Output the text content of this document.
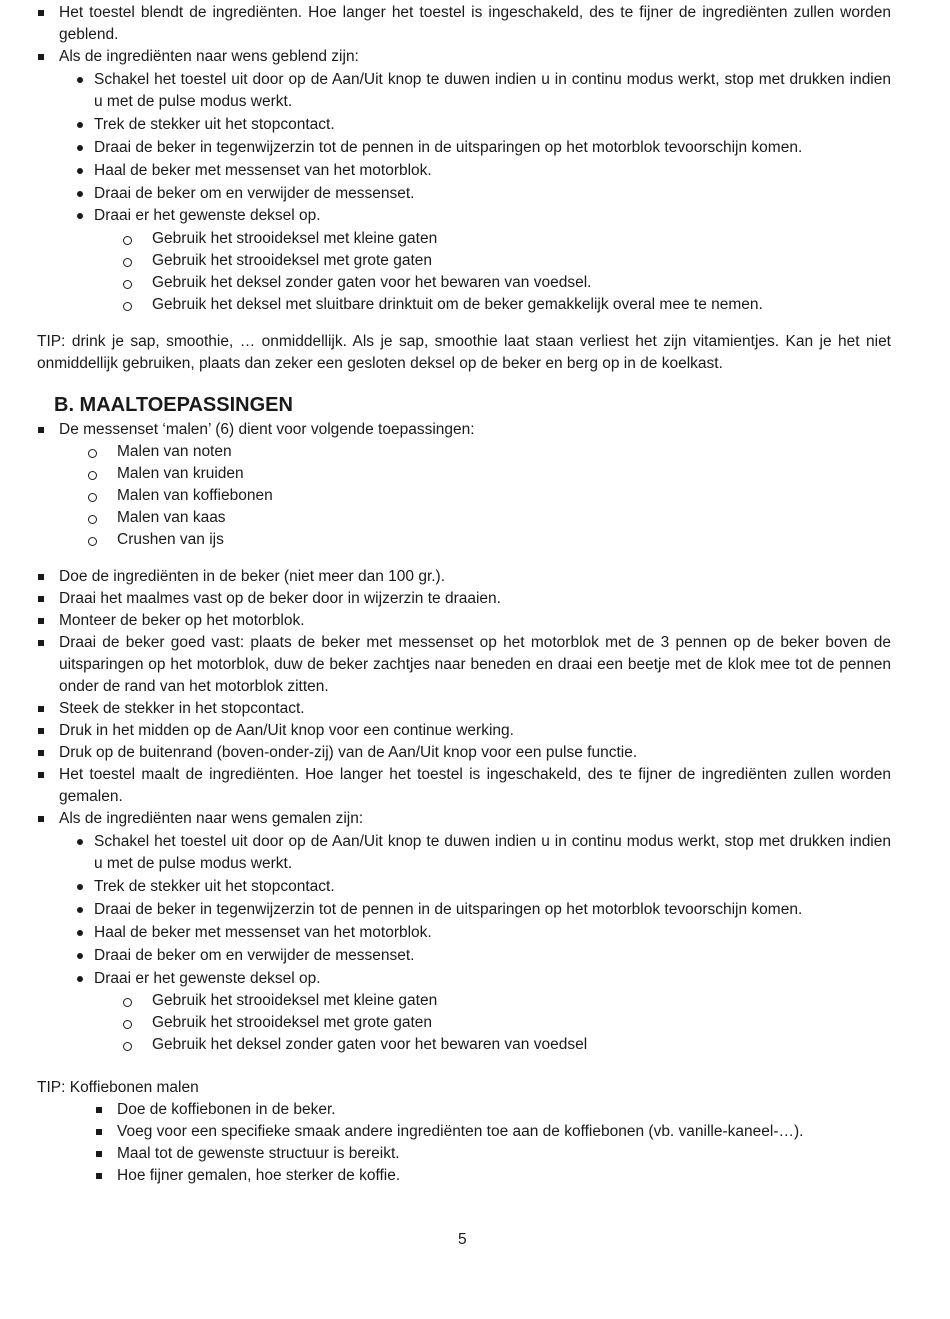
Het toestel blendt de ingrediënten. Hoe langer het toestel is ingeschakeld, des te fijner de ingrediënten zullen worden geblend.
Als de ingrediënten naar wens geblend zijn:
Schakel het toestel uit door op de Aan/Uit knop te duwen indien u in continu modus werkt, stop met drukken indien u met de pulse modus werkt.
Trek de stekker uit het stopcontact.
Draai de beker in tegenwijzerzin tot de pennen in de uitsparingen op het motorblok tevoorschijn komen.
Haal de beker met messenset van het motorblok.
Draai de beker om en verwijder de messenset.
Draai er het gewenste deksel op.
Gebruik het strooideksel met kleine gaten
Gebruik het strooideksel met grote gaten
Gebruik het deksel zonder gaten voor het bewaren van voedsel.
Gebruik het deksel met sluitbare drinktuit om de beker gemakkelijk overal mee te nemen.
TIP: drink je sap, smoothie, … onmiddellijk. Als je sap, smoothie laat staan verliest het zijn vitamientjes. Kan je het niet onmiddellijk gebruiken, plaats dan zeker een gesloten deksel op de beker en berg op in de koelkast.
B. MAALTOEPASSINGEN
De messenset ‘malen’ (6) dient voor volgende toepassingen:
Malen van noten
Malen van kruiden
Malen van koffiebonen
Malen van kaas
Crushen van ijs
Doe de ingrediënten in de beker (niet meer dan 100 gr.).
Draai het maalmes vast op de beker door in wijzerzin te draaien.
Monteer de beker op het motorblok.
Draai de beker goed vast: plaats de beker met messenset op het motorblok met de 3 pennen op de beker boven de uitsparingen op het motorblok, duw de beker zachtjes naar beneden en draai een beetje met de klok mee tot de pennen onder de rand van het motorblok zitten.
Steek de stekker in het stopcontact.
Druk in het midden op de Aan/Uit knop voor een continue werking.
Druk op de buitenrand (boven-onder-zij) van de Aan/Uit knop voor een pulse functie.
Het toestel maalt de ingrediënten. Hoe langer het toestel is ingeschakeld, des te fijner de ingrediënten zullen worden gemalen.
Als de ingrediënten naar wens gemalen zijn:
Schakel het toestel uit door op de Aan/Uit knop te duwen indien u in continu modus werkt, stop met drukken indien u met de pulse modus werkt.
Trek de stekker uit het stopcontact.
Draai de beker in tegenwijzerzin tot de pennen in de uitsparingen op het motorblok tevoorschijn komen.
Haal de beker met messenset van het motorblok.
Draai de beker om en verwijder de messenset.
Draai er het gewenste deksel op.
Gebruik het strooideksel met kleine gaten
Gebruik het strooideksel met grote gaten
Gebruik het deksel zonder gaten voor het bewaren van voedsel
TIP: Koffiebonen malen
Doe de koffiebonen in de beker.
Voeg voor een specifieke smaak andere ingrediënten toe aan de koffiebonen (vb. vanille-kaneel-…).
Maal tot de gewenste structuur is bereikt.
Hoe fijner gemalen, hoe sterker de koffie.
5
